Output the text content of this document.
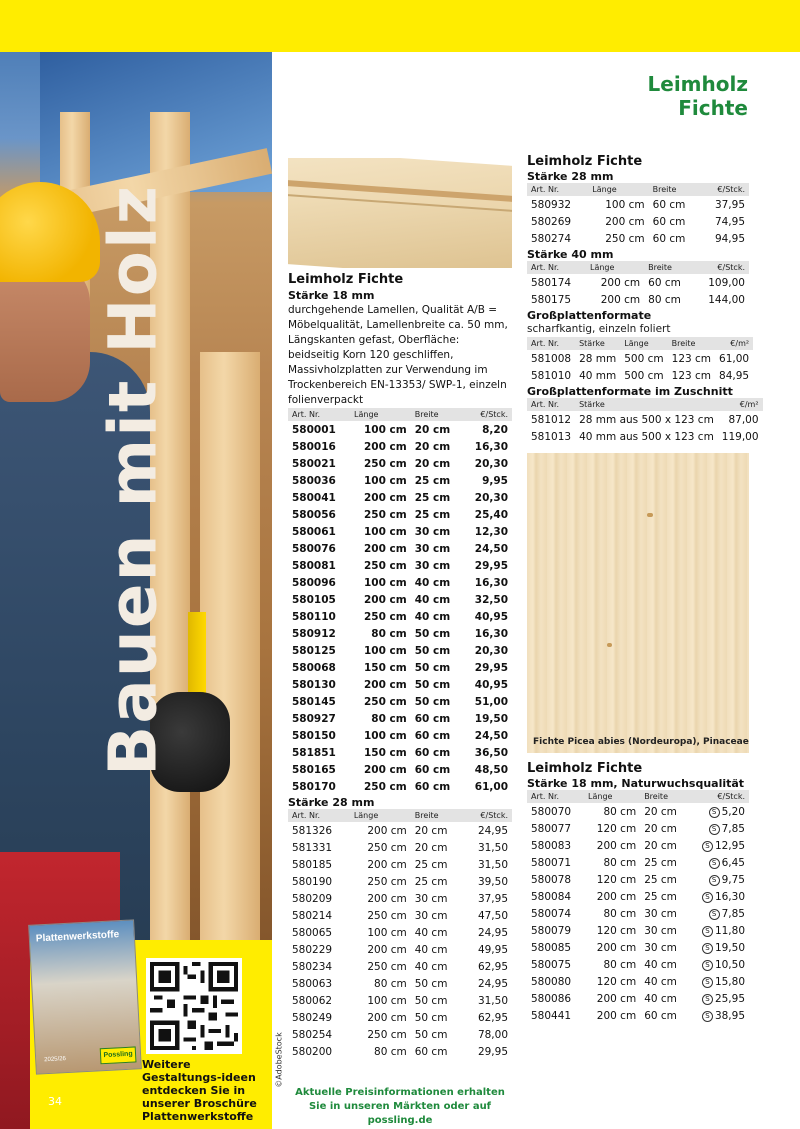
Bauen mit Holz
Plattenwerkstoffe
2025/26
Possling
Weitere Gestaltungs-ideen entdecken Sie in unserer Broschüre Plattenwerkstoffe
34
©AdobeStock
Leimholz
Fichte
Leimholz Fichte
Stärke 18 mm

durchgehende Lamellen, Qualität A/B = Möbelqualität, Lamellenbreite ca. 50 mm, Längskanten gefast, Oberfläche: beidseitig Korn 120 geschliffen, Massivholzplatten zur Verwendung im Trockenbereich EN-13353/ SWP-1, einzeln folienverpackt

Art. Nr.	Länge	Breite	€/Stck.
580001	100 cm	20 cm	8,20
580016	200 cm	20 cm	16,30
580021	250 cm	20 cm	20,30
580036	100 cm	25 cm	9,95
580041	200 cm	25 cm	20,30
580056	250 cm	25 cm	25,40
580061	100 cm	30 cm	12,30
580076	200 cm	30 cm	24,50
580081	250 cm	30 cm	29,95
580096	100 cm	40 cm	16,30
580105	200 cm	40 cm	32,50
580110	250 cm	40 cm	40,95
580912	80 cm	50 cm	16,30
580125	100 cm	50 cm	20,30
580068	150 cm	50 cm	29,95
580130	200 cm	50 cm	40,95
580145	250 cm	50 cm	51,00
580927	80 cm	60 cm	19,50
580150	100 cm	60 cm	24,50
581851	150 cm	60 cm	36,50
580165	200 cm	60 cm	48,50
580170	250 cm	60 cm	61,00
Stärke 28 mm
Art. Nr.	Länge	Breite	€/Stck.
581326	200 cm	20 cm	24,95
581331	250 cm	20 cm	31,50
580185	200 cm	25 cm	31,50
580190	250 cm	25 cm	39,50
580209	200 cm	30 cm	37,95
580214	250 cm	30 cm	47,50
580065	100 cm	40 cm	24,95
580229	200 cm	40 cm	49,95
580234	250 cm	40 cm	62,95
580063	80 cm	50 cm	24,95
580062	100 cm	50 cm	31,50
580249	200 cm	50 cm	62,95
580254	250 cm	50 cm	78,00
580200	80 cm	60 cm	29,95
Leimholz Fichte
Stärke 28 mm
Art. Nr.	Länge	Breite	€/Stck.
580932	100 cm	60 cm	37,95
580269	200 cm	60 cm	74,95
580274	250 cm	60 cm	94,95
Stärke 40 mm
Art. Nr.	Länge	Breite	€/Stck.
580174	200 cm	60 cm	109,00
580175	200 cm	80 cm	144,00
Großplattenformate
scharfkantig, einzeln foliert
Art. Nr.	Stärke	Länge	Breite	€/m²
581008	28 mm	500 cm	123 cm	61,00
581010	40 mm	500 cm	123 cm	84,95
Großplattenformate im Zuschnitt
Art. Nr.	Stärke	€/m²
581012	28 mm aus 500 x 123 cm	87,00
581013	40 mm aus 500 x 123 cm	119,00
Fichte Picea abies (Nordeuropa), Pinaceae
Leimholz Fichte
Stärke 18 mm, Naturwuchsqualität
Art. Nr.	Länge	Breite	€/Stck.
580070	80 cm	20 cm	S 5,20
580077	120 cm	20 cm	S 7,85
580083	200 cm	20 cm	S 12,95
580071	80 cm	25 cm	S 6,45
580078	120 cm	25 cm	S 9,75
580084	200 cm	25 cm	S 16,30
580074	80 cm	30 cm	S 7,85
580079	120 cm	30 cm	S 11,80
580085	200 cm	30 cm	S 19,50
580075	80 cm	40 cm	S 10,50
580080	120 cm	40 cm	S 15,80
580086	200 cm	40 cm	S 25,95
580441	200 cm	60 cm	S 38,95
Aktuelle Preisinformationen erhalten Sie in unseren Märkten oder auf possling.de
